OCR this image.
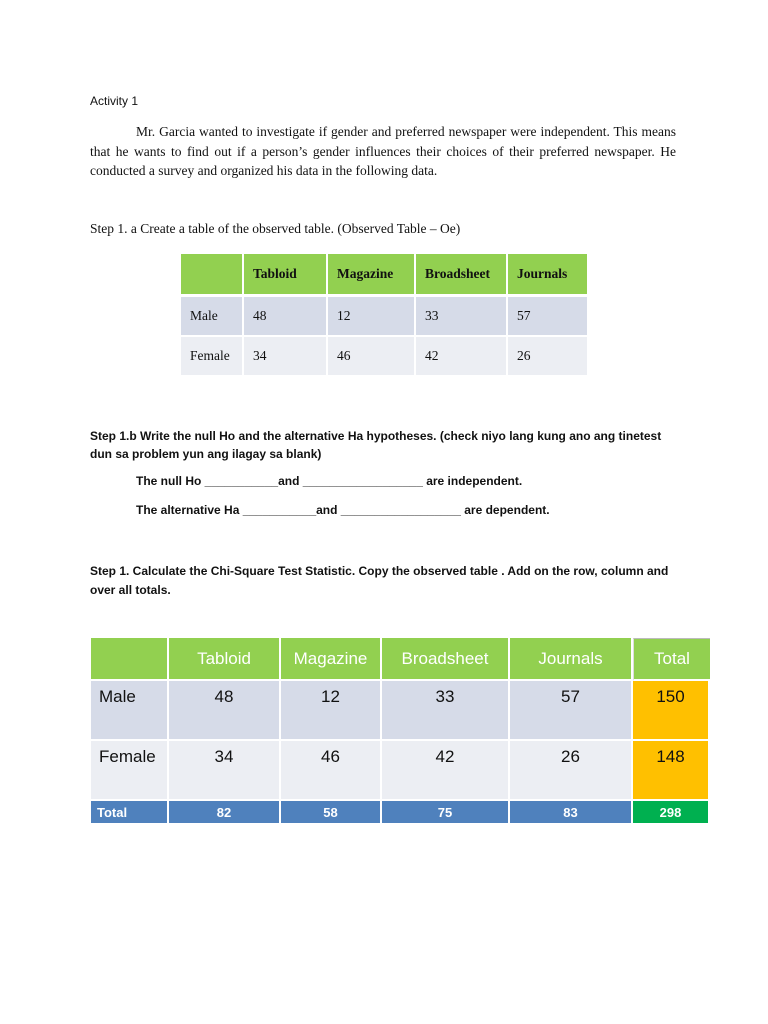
Activity 1
Mr. Garcia wanted to investigate if gender and preferred newspaper were independent. This means that he wants to find out if a person’s gender influences their choices of their preferred newspaper. He conducted a survey and organized his data in the following data.
Step 1. a Create a table of the observed table. (Observed Table – Oe)
	Tabloid	Magazine	Broadsheet	Journals
Male	48	12	33	57
Female	34	46	42	26
Step 1.b Write the null Ho and the alternative Ha hypotheses. (check niyo lang kung ano ang tinetest dun sa problem yun ang ilagay sa blank)
The null Ho ___________and __________________ are independent.
The alternative Ha ___________and __________________ are dependent.
Step 1. Calculate the Chi-Square Test Statistic. Copy the observed table . Add on the row, column and over all totals.
	Tabloid	Magazine	Broadsheet	Journals	Total
Male	48	12	33	57	150
Female	34	46	42	26	148
Total	82	58	75	83	298
